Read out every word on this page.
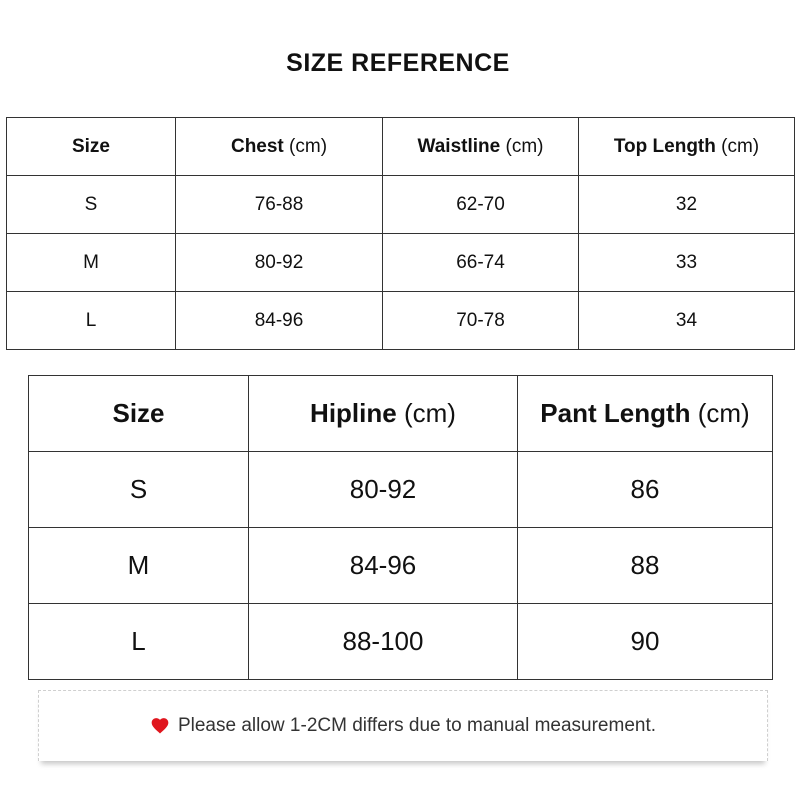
SIZE REFERENCE
Size	Chest (cm)	Waistline (cm)	Top Length (cm)
S	76-88	62-70	32
M	80-92	66-74	33
L	84-96	70-78	34
Size	Hipline (cm)	Pant Length (cm)
S	80-92	86
M	84-96	88
L	88-100	90
Please allow 1-2CM differs due to manual measurement.
